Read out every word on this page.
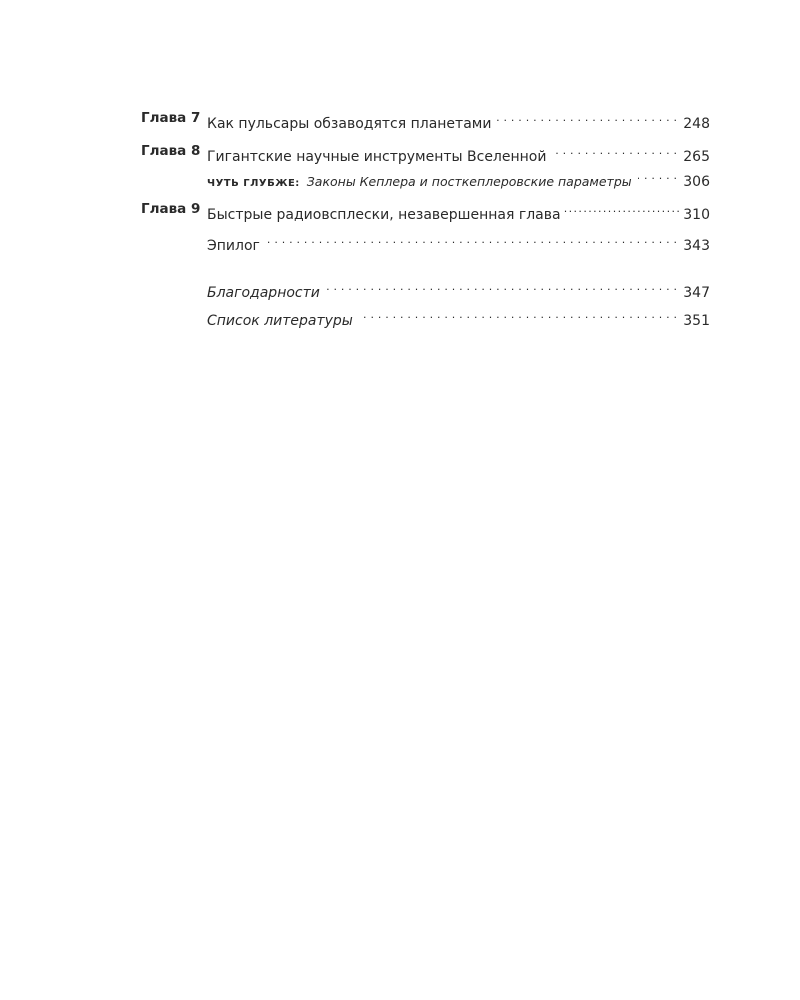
Глава 7 Как пульсары обзаводятся планетами . . .	248
Глава 8 Гигантские научные инструменты Вселенной . . .	265
ЧУТЬ ГЛУБЖЕ: Законы Кеплера и посткеплеровские параметры . . .	306
Глава 9 Быстрые радиовсплески, незавершенная глава .....	310
Эпилог . . .	343
Благодарности . . .	347
Список литературы . . .	351
